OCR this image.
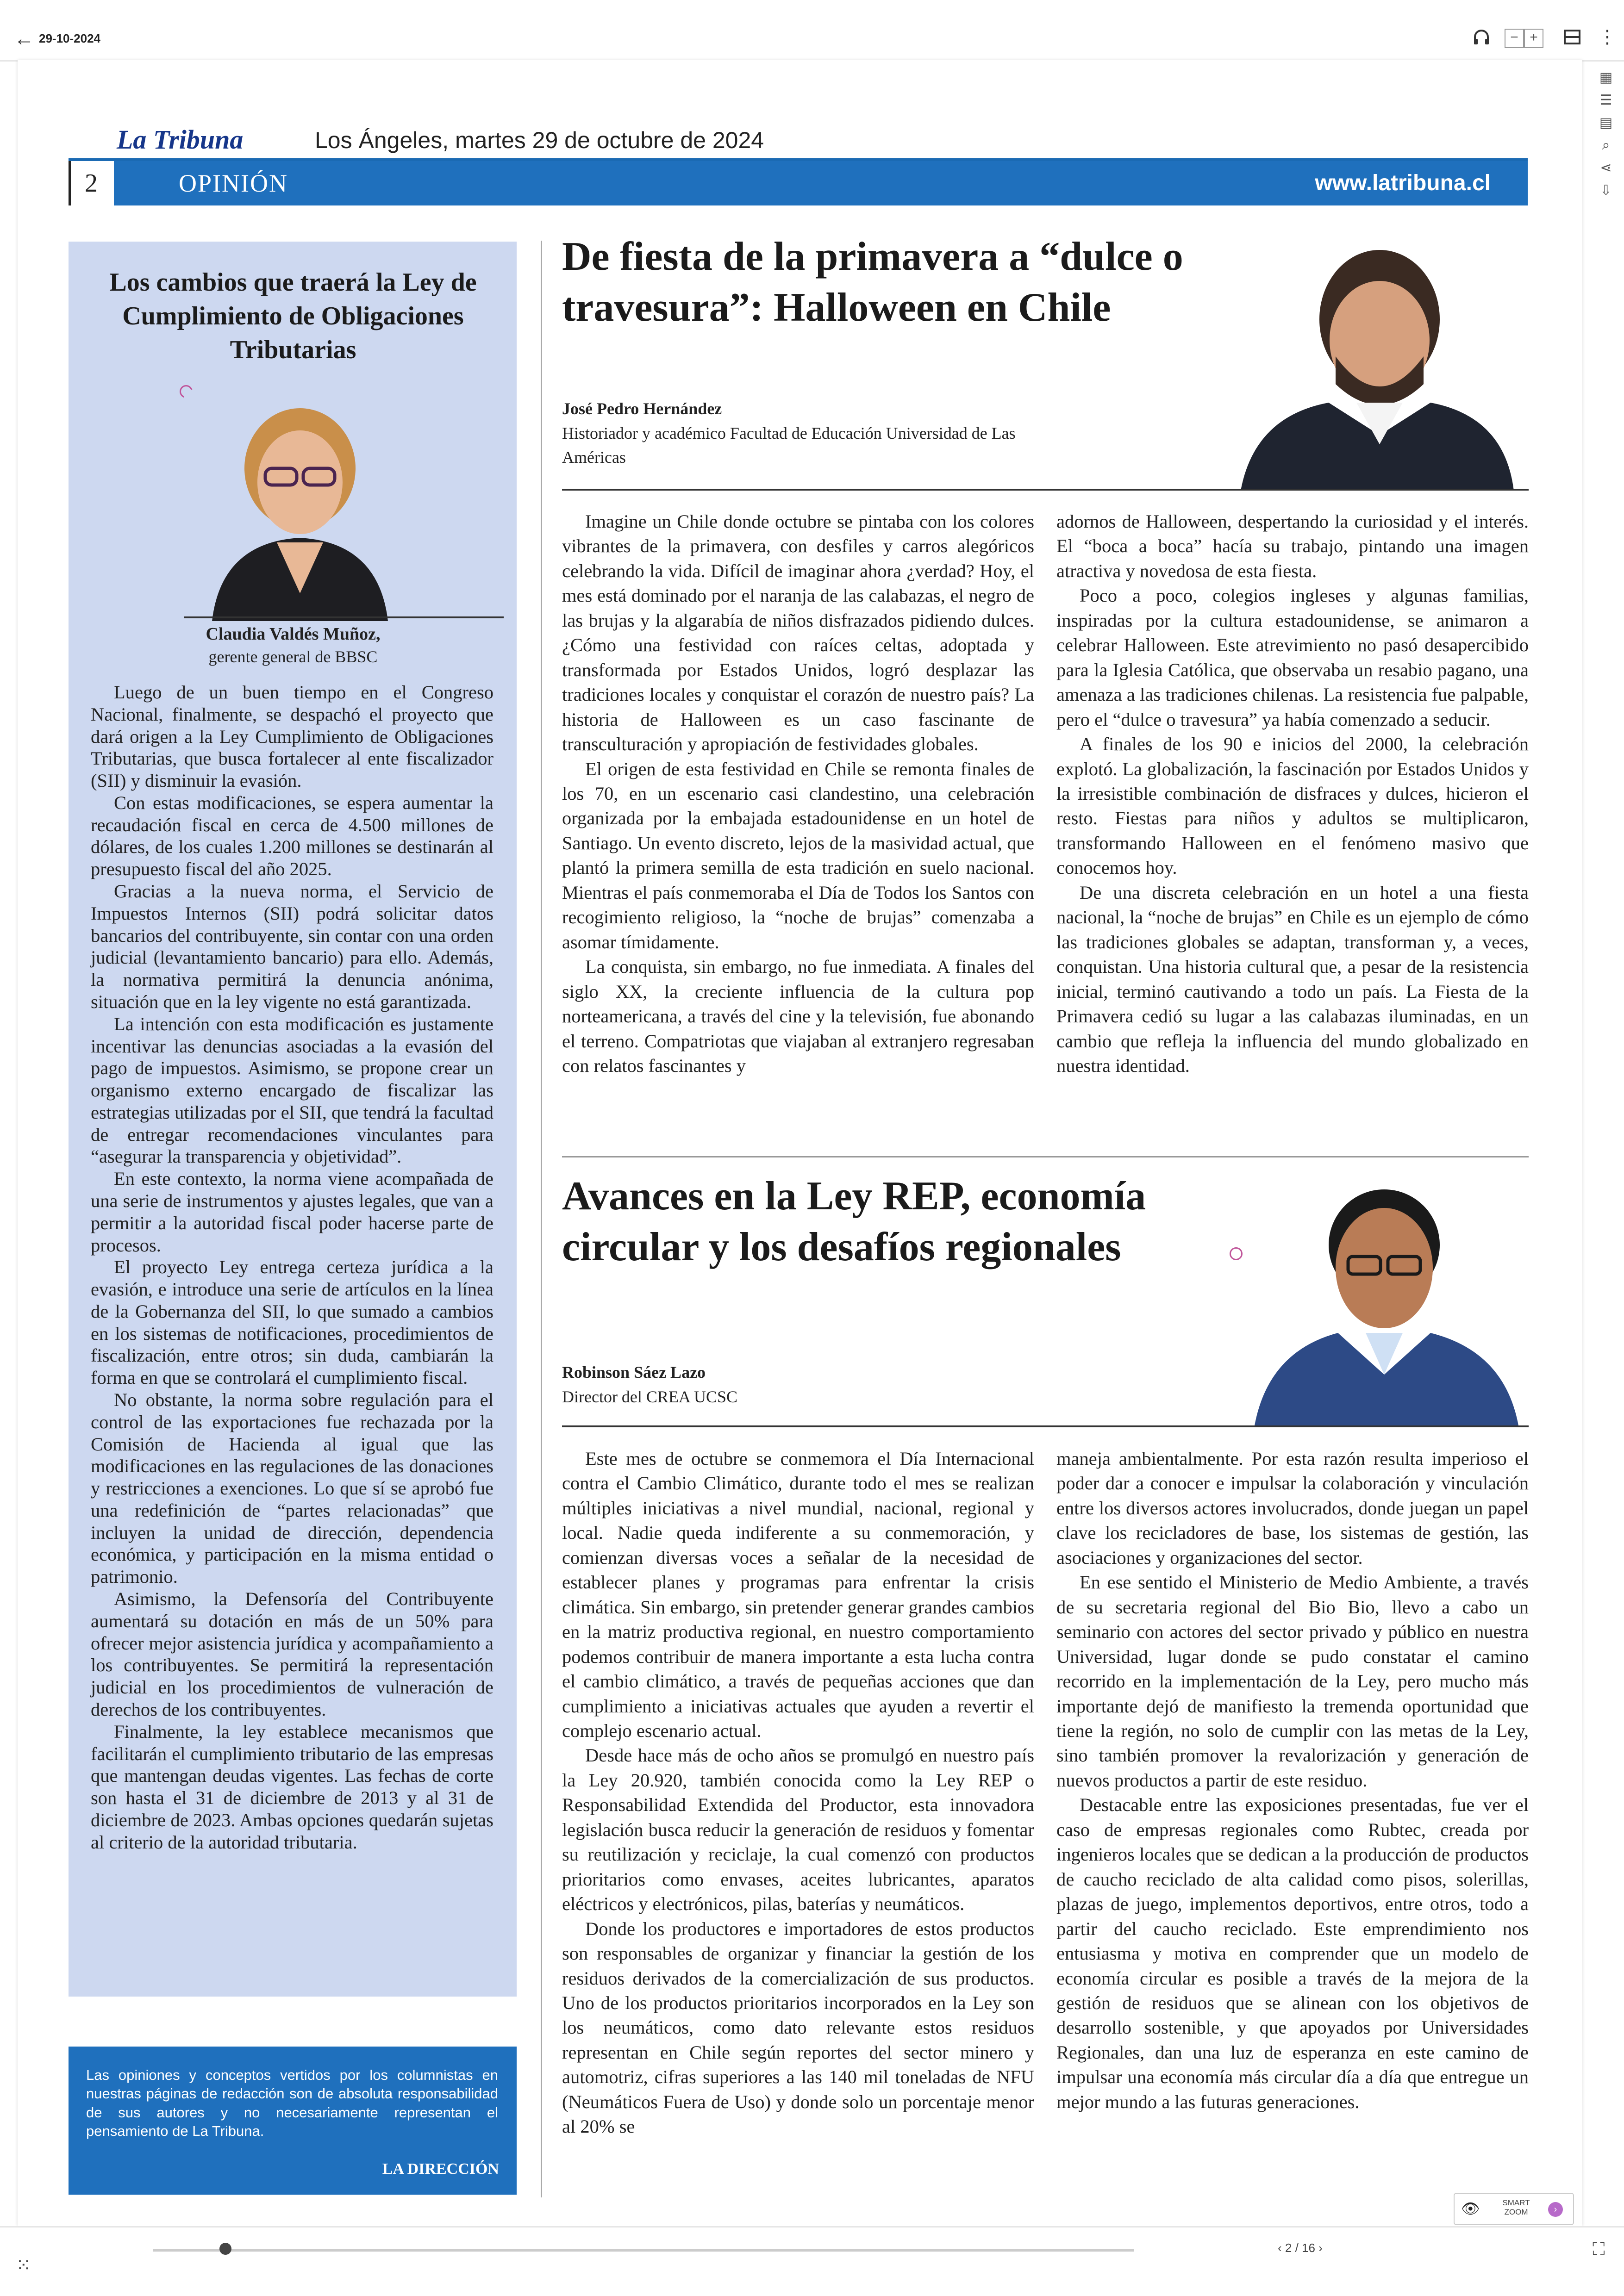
← 29-10-2024	− +	⋮

▦
☰
▤
⌕
⋖
⇩
La Tribuna	Los Ángeles, martes 29 de octubre de 2024
2	OPINIÓN	www.latribuna.cl
Los cambios que traerá la Ley de Cumplimiento de Obligaciones Tributarias
Claudia Valdés Muñoz,
gerente general de BBSC

Luego de un buen tiempo en el Congreso Nacional, finalmente, se despachó el proyecto que dará origen a la Ley Cumplimiento de Obligaciones Tributarias, que busca fortalecer al ente fiscalizador (SII) y disminuir la evasión.

Con estas modificaciones, se espera aumentar la recaudación fiscal en cerca de 4.500 millones de dólares, de los cuales 1.200 millones se destinarán al presupuesto fiscal del año 2025.

Gracias a la nueva norma, el Servicio de Impuestos Internos (SII) podrá solicitar datos bancarios del contribuyente, sin contar con una orden judicial (levantamiento bancario) para ello. Además, la normativa permitirá la denuncia anónima, situación que en la ley vigente no está garantizada.

La intención con esta modificación es justamente incentivar las denuncias asociadas a la evasión del pago de impuestos. Asimismo, se propone crear un organismo externo encargado de fiscalizar las estrategias utilizadas por el SII, que tendrá la facultad de entregar recomendaciones vinculantes para “asegurar la transparencia y objetividad”.

En este contexto, la norma viene acompañada de una serie de instrumentos y ajustes legales, que van a permitir a la autoridad fiscal poder hacerse parte de procesos.

El proyecto Ley entrega certeza jurídica a la evasión, e introduce una serie de artículos en la línea de la Gobernanza del SII, lo que sumado a cambios en los sistemas de notificaciones, procedimientos de fiscalización, entre otros; sin duda, cambiarán la forma en que se controlará el cumplimiento fiscal.

No obstante, la norma sobre regulación para el control de las exportaciones fue rechazada por la Comisión de Hacienda al igual que las modificaciones en las regulaciones de las donaciones y restricciones a exenciones. Lo que sí se aprobó fue una redefinición de “partes relacionadas” que incluyen la unidad de dirección, dependencia económica, y participación en la misma entidad o patrimonio.

Asimismo, la Defensoría del Contribuyente aumentará su dotación en más de un 50% para ofrecer mejor asistencia jurídica y acompañamiento a los contribuyentes. Se permitirá la representación judicial en los procedimientos de vulneración de derechos de los contribuyentes.

Finalmente, la ley establece mecanismos que facilitarán el cumplimiento tributario de las empresas que mantengan deudas vigentes. Las fechas de corte son hasta el 31 de diciembre de 2013 y al 31 de diciembre de 2023. Ambas opciones quedarán sujetas al criterio de la autoridad tributaria.

Las opiniones y conceptos vertidos por los columnistas en nuestras páginas de redacción son de absoluta responsabilidad de sus autores y no necesariamente representan el pensamiento de La Tribuna.
LA DIRECCIÓN
De fiesta de la primavera a “dulce o travesura”: Halloween en Chile
José Pedro Hernández
Historiador y académico Facultad de Educación Universidad de Las Américas

Imagine un Chile donde octubre se pintaba con los colores vibrantes de la primavera, con desfiles y carros alegóricos celebrando la vida. Difícil de imaginar ahora ¿verdad? Hoy, el mes está dominado por el naranja de las calabazas, el negro de las brujas y la algarabía de niños disfrazados pidiendo dulces. ¿Cómo una festividad con raíces celtas, adoptada y transformada por Estados Unidos, logró desplazar las tradiciones locales y conquistar el corazón de nuestro país? La historia de Halloween es un caso fascinante de transculturación y apropiación de festividades globales.

El origen de esta festividad en Chile se remonta finales de los 70, en un escenario casi clandestino, una celebración organizada por la embajada estadounidense en un hotel de Santiago. Un evento discreto, lejos de la masividad actual, que plantó la primera semilla de esta tradición en suelo nacional. Mientras el país conmemoraba el Día de Todos los Santos con recogimiento religioso, la “noche de brujas” comenzaba a asomar tímidamente.

La conquista, sin embargo, no fue inmediata. A finales del siglo XX, la creciente influencia de la cultura pop norteamericana, a través del cine y la televisión, fue abonando el terreno. Compatriotas que viajaban al extranjero regresaban con relatos fascinantes y

adornos de Halloween, despertando la curiosidad y el interés. El “boca a boca” hacía su trabajo, pintando una imagen atractiva y novedosa de esta fiesta.

Poco a poco, colegios ingleses y algunas familias, inspiradas por la cultura estadounidense, se animaron a celebrar Halloween. Este atrevimiento no pasó desapercibido para la Iglesia Católica, que observaba un resabio pagano, una amenaza a las tradiciones chilenas. La resistencia fue palpable, pero el “dulce o travesura” ya había comenzado a seducir.

A finales de los 90 e inicios del 2000, la celebración explotó. La globalización, la fascinación por Estados Unidos y la irresistible combinación de disfraces y dulces, hicieron el resto. Fiestas para niños y adultos se multiplicaron, transformando Halloween en el fenómeno masivo que conocemos hoy.

De una discreta celebración en un hotel a una fiesta nacional, la “noche de brujas” en Chile es un ejemplo de cómo las tradiciones globales se adaptan, transforman y, a veces, conquistan. Una historia cultural que, a pesar de la resistencia inicial, terminó cautivando a todo un país. La Fiesta de la Primavera cedió su lugar a las calabazas iluminadas, en un cambio que refleja la influencia del mundo globalizado en nuestra identidad.

Avances en la Ley REP, economía circular y los desafíos regionales
Robinson Sáez Lazo
Director del CREA UCSC

Este mes de octubre se conmemora el Día Internacional contra el Cambio Climático, durante todo el mes se realizan múltiples iniciativas a nivel mundial, nacional, regional y local. Nadie queda indiferente a su conmemoración, y comienzan diversas voces a señalar de la necesidad de establecer planes y programas para enfrentar la crisis climática. Sin embargo, sin pretender generar grandes cambios en la matriz productiva regional, en nuestro comportamiento podemos contribuir de manera importante a esta lucha contra el cambio climático, a través de pequeñas acciones que dan cumplimiento a iniciativas actuales que ayuden a revertir el complejo escenario actual.

Desde hace más de ocho años se promulgó en nuestro país la Ley 20.920, también conocida como la Ley REP o Responsabilidad Extendida del Productor, esta innovadora legislación busca reducir la generación de residuos y fomentar su reutilización y reciclaje, la cual comenzó con productos prioritarios como envases, aceites lubricantes, aparatos eléctricos y electrónicos, pilas, baterías y neumáticos.

Donde los productores e importadores de estos productos son responsables de organizar y financiar la gestión de los residuos derivados de la comercialización de sus productos. Uno de los productos prioritarios incorporados en la Ley son los neumáticos, como dato relevante estos residuos representan en Chile según reportes del sector minero y automotriz, cifras superiores a las 140 mil toneladas de NFU (Neumáticos Fuera de Uso) y donde solo un porcentaje menor al 20% se

maneja ambientalmente. Por esta razón resulta imperioso el poder dar a conocer e impulsar la colaboración y vinculación entre los diversos actores involucrados, donde juegan un papel clave los recicladores de base, los sistemas de gestión, las asociaciones y organizaciones del sector.

En ese sentido el Ministerio de Medio Ambiente, a través de su secretaria regional del Bio Bio, llevo a cabo un seminario con actores del sector privado y público en nuestra Universidad, lugar donde se pudo constatar el camino recorrido en la implementación de la Ley, pero mucho más importante dejó de manifiesto la tremenda oportunidad que tiene la región, no solo de cumplir con las metas de la Ley, sino también promover la revalorización y generación de nuevos productos a partir de este residuo.

Destacable entre las exposiciones presentadas, fue ver el caso de empresas regionales como Rubtec, creada por ingenieros locales que se dedican a la producción de productos de caucho reciclado de alta calidad como pisos, solerillas, plazas de juego, implementos deportivos, entre otros, todo a partir del caucho reciclado. Este emprendimiento nos entusiasma y motiva en comprender que un modelo de economía circular es posible a través de la mejora de la gestión de residuos que se alinean con los objetivos de desarrollo sostenible, y que apoyados por Universidades Regionales, dan una luz de esperanza en este camino de impulsar una economía más circular día a día que entregue un mejor mundo a las futuras generaciones.

👁	SMART ZOOM	›
⁙
‹ 2 / 16 ›	⛶
